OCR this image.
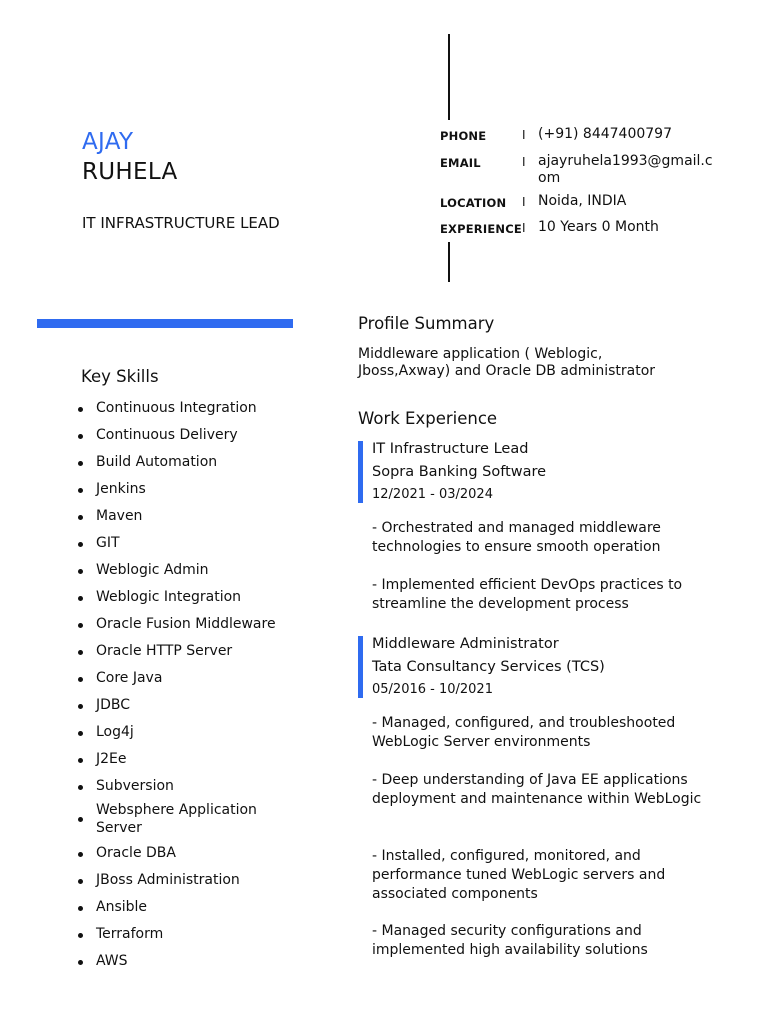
AJAY
RUHELA
IT INFRASTRUCTURE LEAD
PHONE	I (+91) 8447400797
EMAIL	I ajayruhela1993@gmail.com
LOCATION I Noida, INDIA
EXPERIENCE I 10 Years 0 Month
Key Skills
Continuous Integration
Continuous Delivery
Build Automation
Jenkins
Maven
GIT
Weblogic Admin
Weblogic Integration
Oracle Fusion Middleware
Oracle HTTP Server
Core Java
JDBC
Log4j
J2Ee
Subversion
Websphere Application Server
Oracle DBA
JBoss Administration
Ansible
Terraform
AWS
Profile Summary
Middleware application ( Weblogic, Jboss,Axway) and Oracle DB administrator
Work Experience
IT Infrastructure Lead
Sopra Banking Software
12/2021 - 03/2024
- Orchestrated and managed middleware technologies to ensure smooth operation
- Implemented efficient DevOps practices to streamline the development process
Middleware Administrator
Tata Consultancy Services (TCS)
05/2016 - 10/2021
- Managed, configured, and troubleshooted WebLogic Server environments
- Deep understanding of Java EE applications deployment and maintenance within WebLogic
- Installed, configured, monitored, and performance tuned WebLogic servers and associated components
- Managed security configurations and implemented high availability solutions
